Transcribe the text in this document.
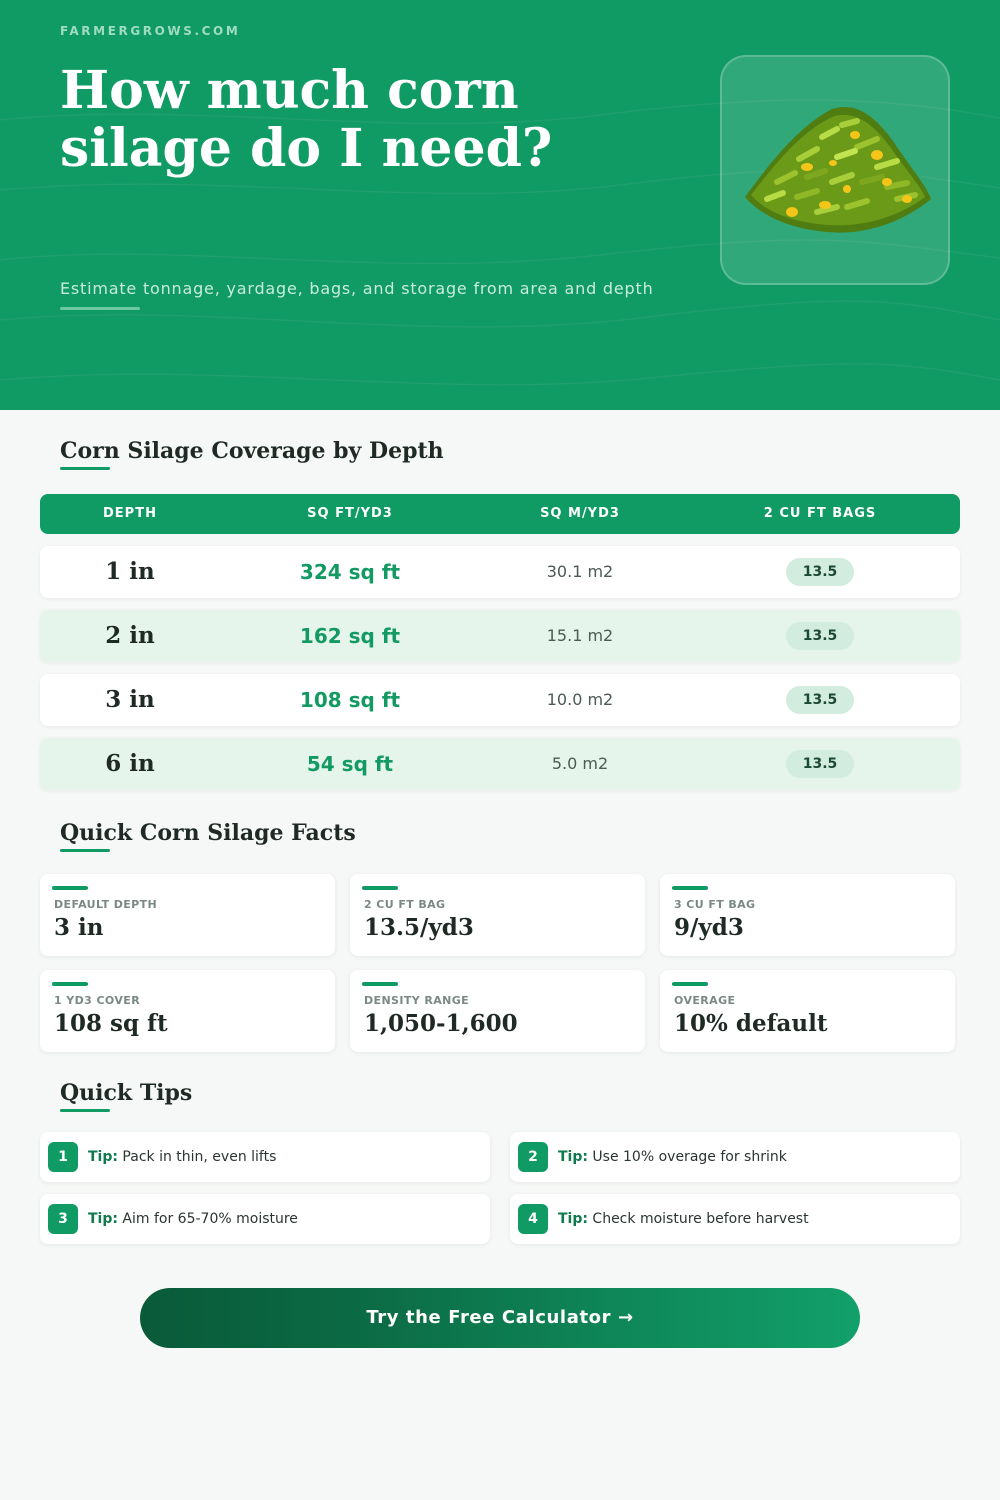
FARMERGROWS.COM
How much corn silage do I need?
Estimate tonnage, yardage, bags, and storage from area and depth
Corn Silage Coverage by Depth
DEPTH	SQ FT/YD3	SQ M/YD3	2 CU FT BAGS
1 in	324 sq ft	30.1 m2	13.5
2 in	162 sq ft	15.1 m2	13.5
3 in	108 sq ft	10.0 m2	13.5
6 in	54 sq ft	5.0 m2	13.5
Quick Corn Silage Facts
DEFAULT DEPTH
3 in
2 CU FT BAG
13.5/yd3
3 CU FT BAG
9/yd3
1 YD3 COVER
108 sq ft
DENSITY RANGE
1,050-1,600
OVERAGE
10% default
Quick Tips
1	Tip: Pack in thin, even lifts	2	Tip: Use 10% overage for shrink
3	Tip: Aim for 65-70% moisture	4	Tip: Check moisture before harvest
Try the Free Calculator →
